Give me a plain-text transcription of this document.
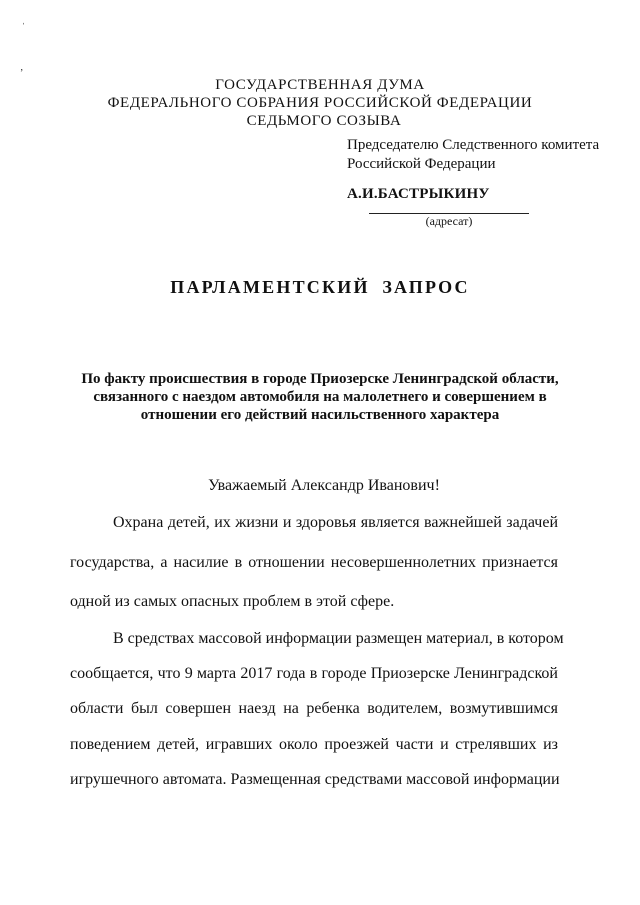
ˌ
‚
ГОСУДАРСТВЕННАЯ ДУМА
ФЕДЕРАЛЬНОГО СОБРАНИЯ РОССИЙСКОЙ ФЕДЕРАЦИИ
СЕДЬМОГО СОЗЫВА
Председателю Следственного комитета
Российской Федерации
А.И.БАСТРЫКИНУ
(адресат)
ПАРЛАМЕНТСКИЙ ЗАПРОС
По факту происшествия в городе Приозерске Ленинградской области,
связанного с наездом автомобиля на малолетнего и совершением в
отношении его действий насильственного характера
Уважаемый Александр Иванович!
Охрана детей, их жизни и здоровья является важнейшей задачей
государства, а насилие в отношении несовершеннолетних признается
одной из самых опасных проблем в этой сфере.
В средствах массовой информации размещен материал, в котором
сообщается, что 9 марта 2017 года в городе Приозерске Ленинградской
области был совершен наезд на ребенка водителем, возмутившимся
поведением детей, игравших около проезжей части и стрелявших из
игрушечного автомата. Размещенная средствами массовой информации
